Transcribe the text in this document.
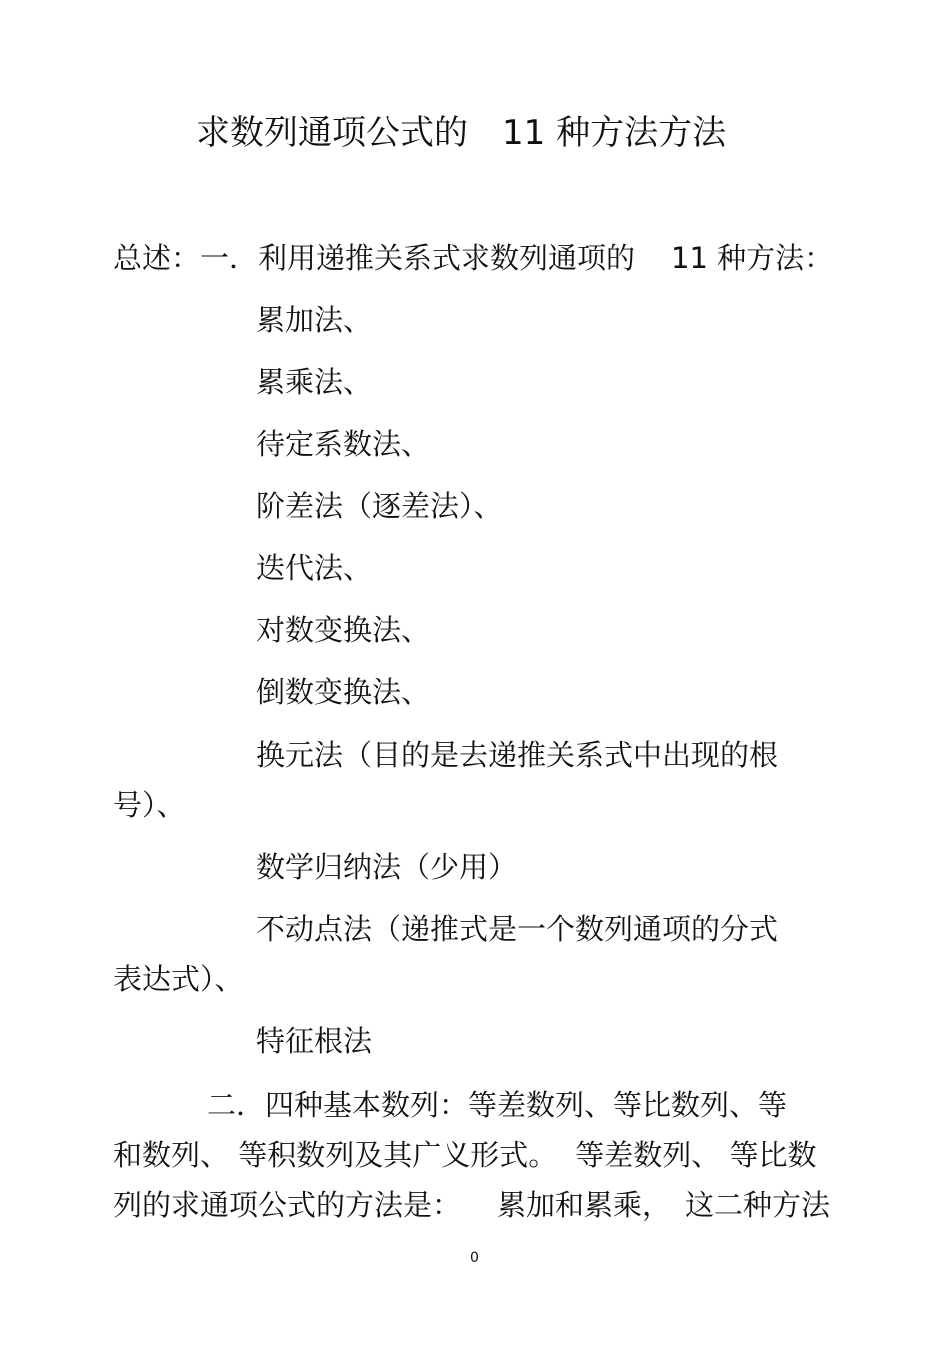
求数列通项公式的 11 种方法方法
总述：一．利用递推关系式求数列通项的 11 种方法：
累加法、
累乘法、
待定系数法、
阶差法（逐差法）、
迭代法、
对数变换法、
倒数变换法、
换元法（目的是去递推关系式中出现的根
号）、
数学归纳法（少用）
不动点法（递推式是一个数列通项的分式
表达式）、
特征根法
二．四种基本数列：等差数列、等比数列、等
和数列、 等积数列及其广义形式。 等差数列、 等比数
列的求通项公式的方法是： 累加和累乘， 这二种方法
0
